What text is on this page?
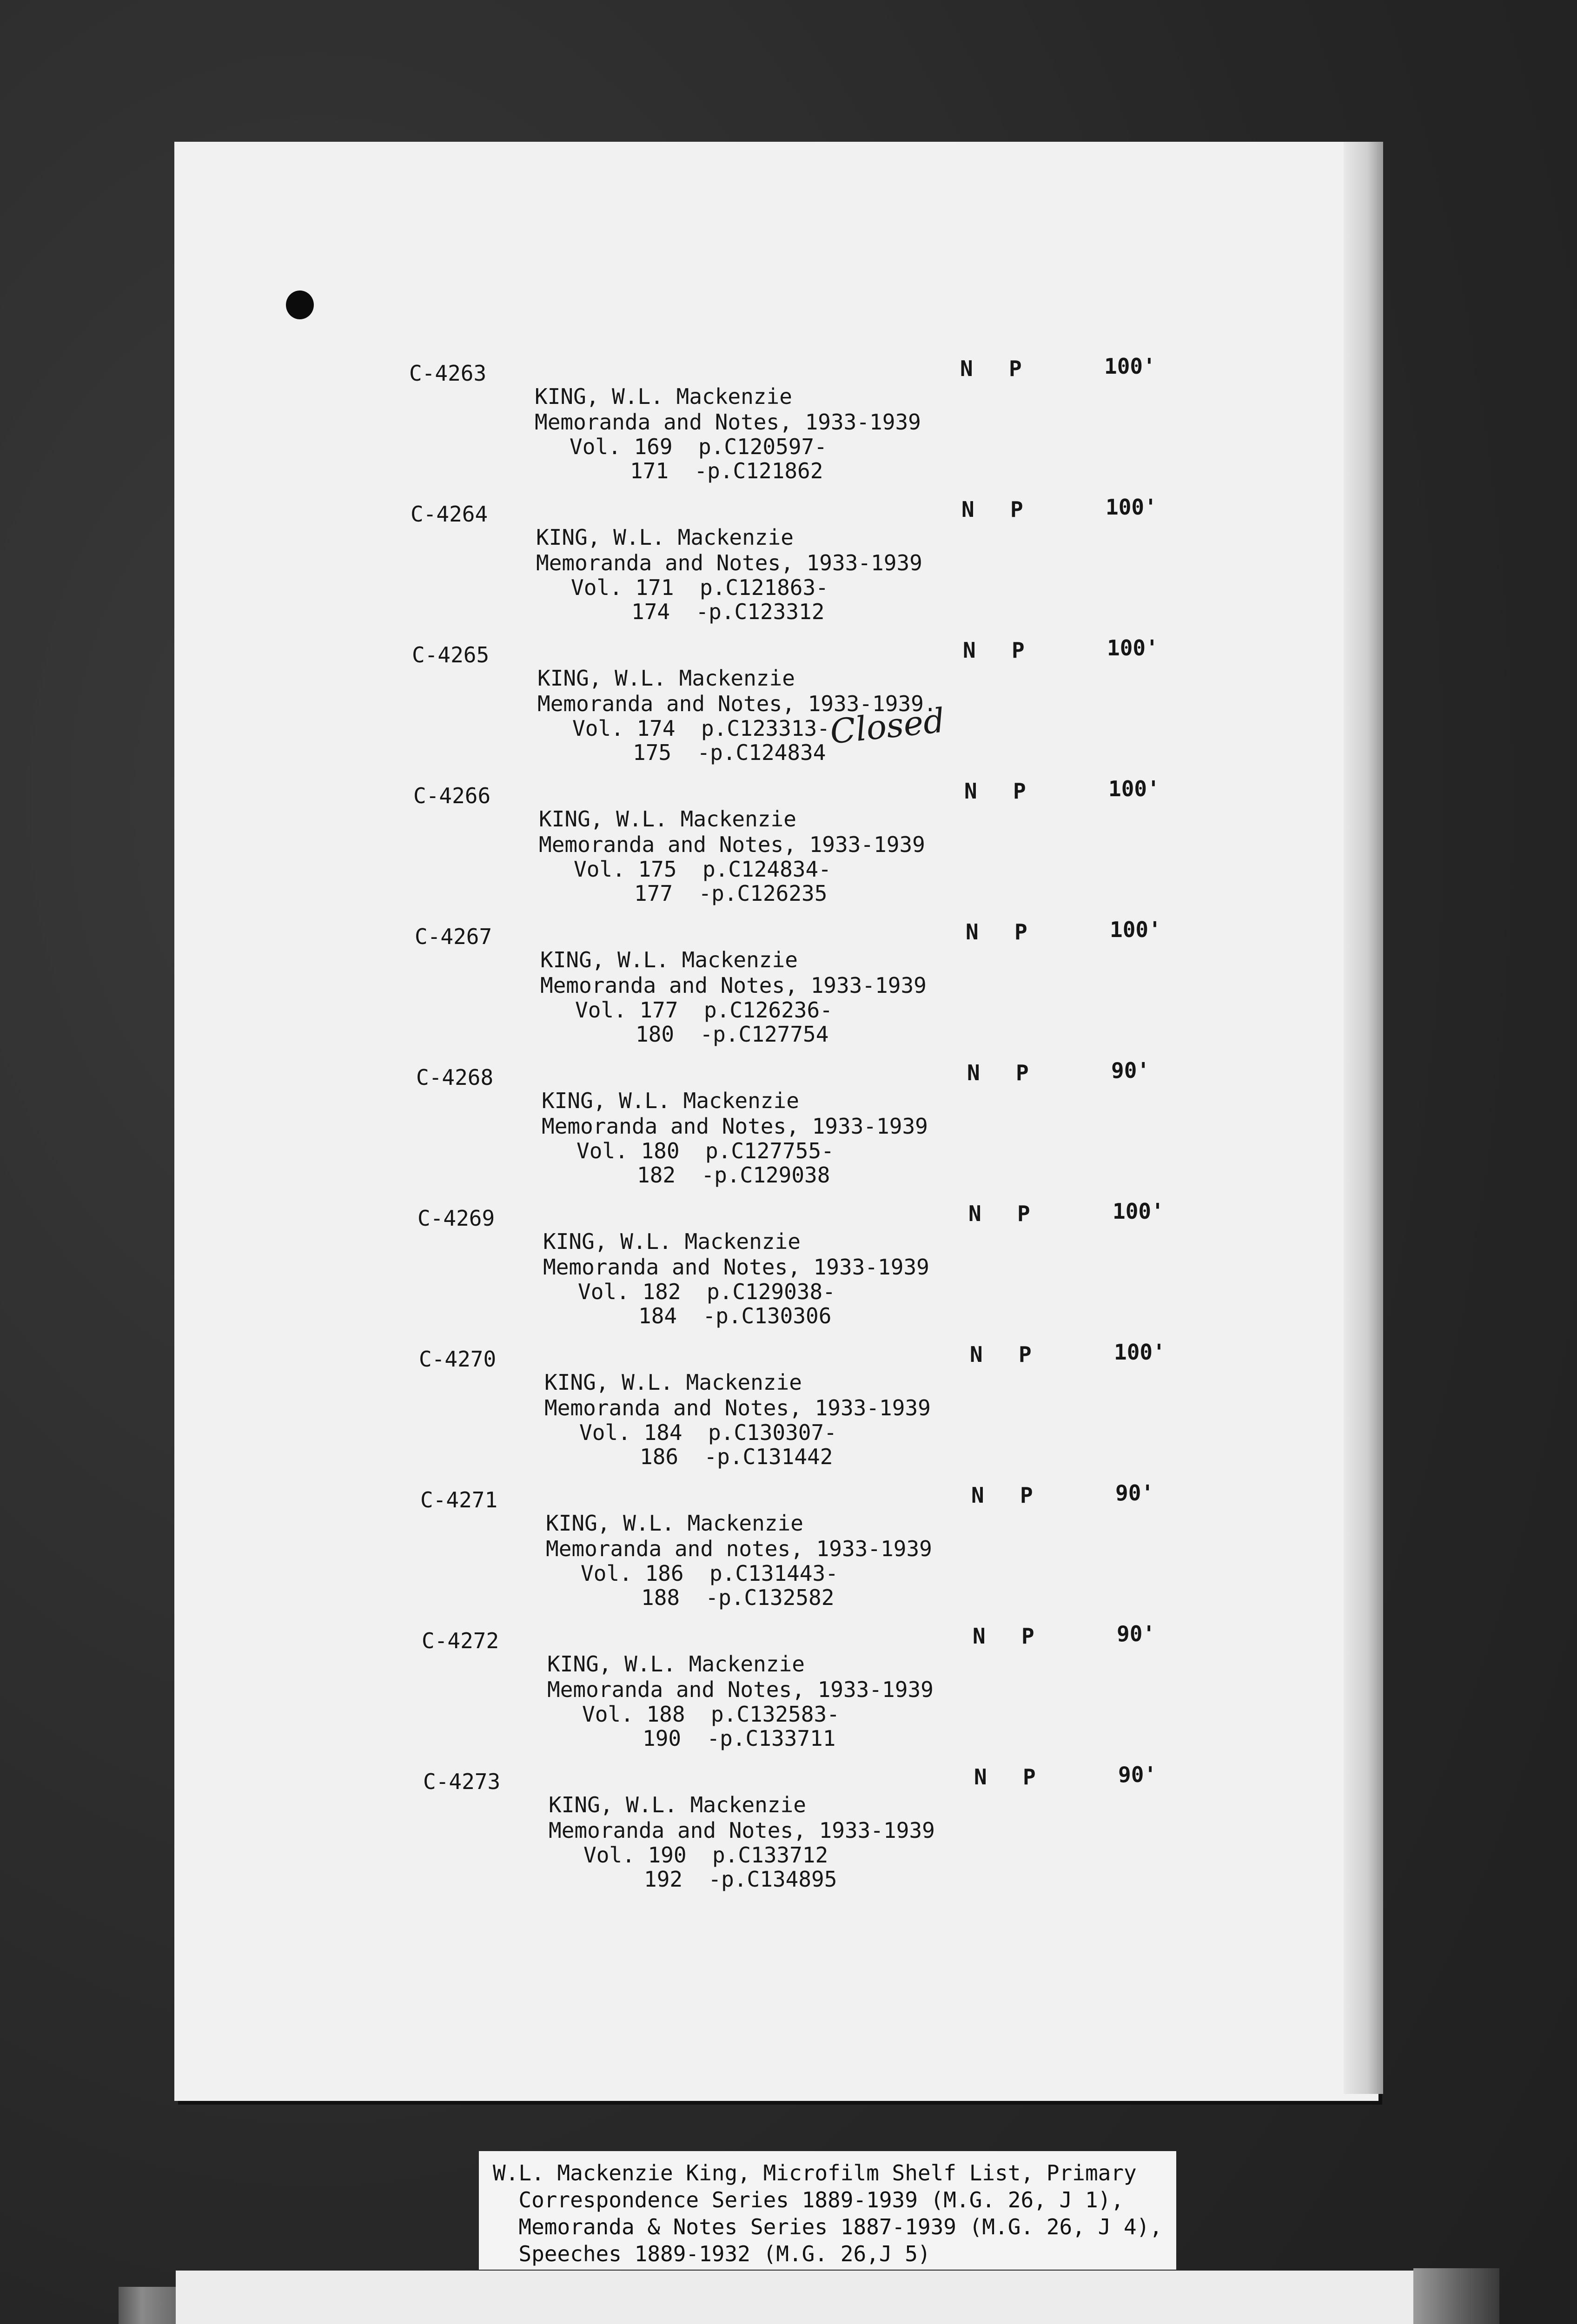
C-4263
KING, W.L. Mackenzie
Memoranda and Notes, 1933-1939
Vol. 169  p.C120597-
171  -p.C121862
N P	100'
C-4264
KING, W.L. Mackenzie
Memoranda and Notes, 1933-1939
Vol. 171  p.C121863-
174  -p.C123312
N P	100'
C-4265
KING, W.L. Mackenzie
Memoranda and Notes, 1933-1939.
Vol. 174  p.C123313-
175  -p.C124834
N P	100'
C-4266
KING, W.L. Mackenzie
Memoranda and Notes, 1933-1939
Vol. 175  p.C124834-
177  -p.C126235
N P	100'
C-4267
KING, W.L. Mackenzie
Memoranda and Notes, 1933-1939
Vol. 177  p.C126236-
180  -p.C127754
N P	100'
C-4268
KING, W.L. Mackenzie
Memoranda and Notes, 1933-1939
Vol. 180  p.C127755-
182  -p.C129038
N P	90'
C-4269
KING, W.L. Mackenzie
Memoranda and Notes, 1933-1939
Vol. 182  p.C129038-
184  -p.C130306
N P	100'
C-4270
KING, W.L. Mackenzie
Memoranda and Notes, 1933-1939
Vol. 184  p.C130307-
186  -p.C131442
N P	100'
C-4271
KING, W.L. Mackenzie
Memoranda and notes, 1933-1939
Vol. 186  p.C131443-
188  -p.C132582
N P	90'
C-4272
KING, W.L. Mackenzie
Memoranda and Notes, 1933-1939
Vol. 188  p.C132583-
190  -p.C133711
N P	90'
C-4273
KING, W.L. Mackenzie
Memoranda and Notes, 1933-1939
Vol. 190  p.C133712
192  -p.C134895
N P	90'
Closed
W.L. Mackenzie King, Microfilm Shelf List, Primary
Correspondence Series 1889-1939 (M.G. 26, J 1),
Memoranda & Notes Series 1887-1939 (M.G. 26, J 4),
Speeches 1889-1932 (M.G. 26,J 5)
